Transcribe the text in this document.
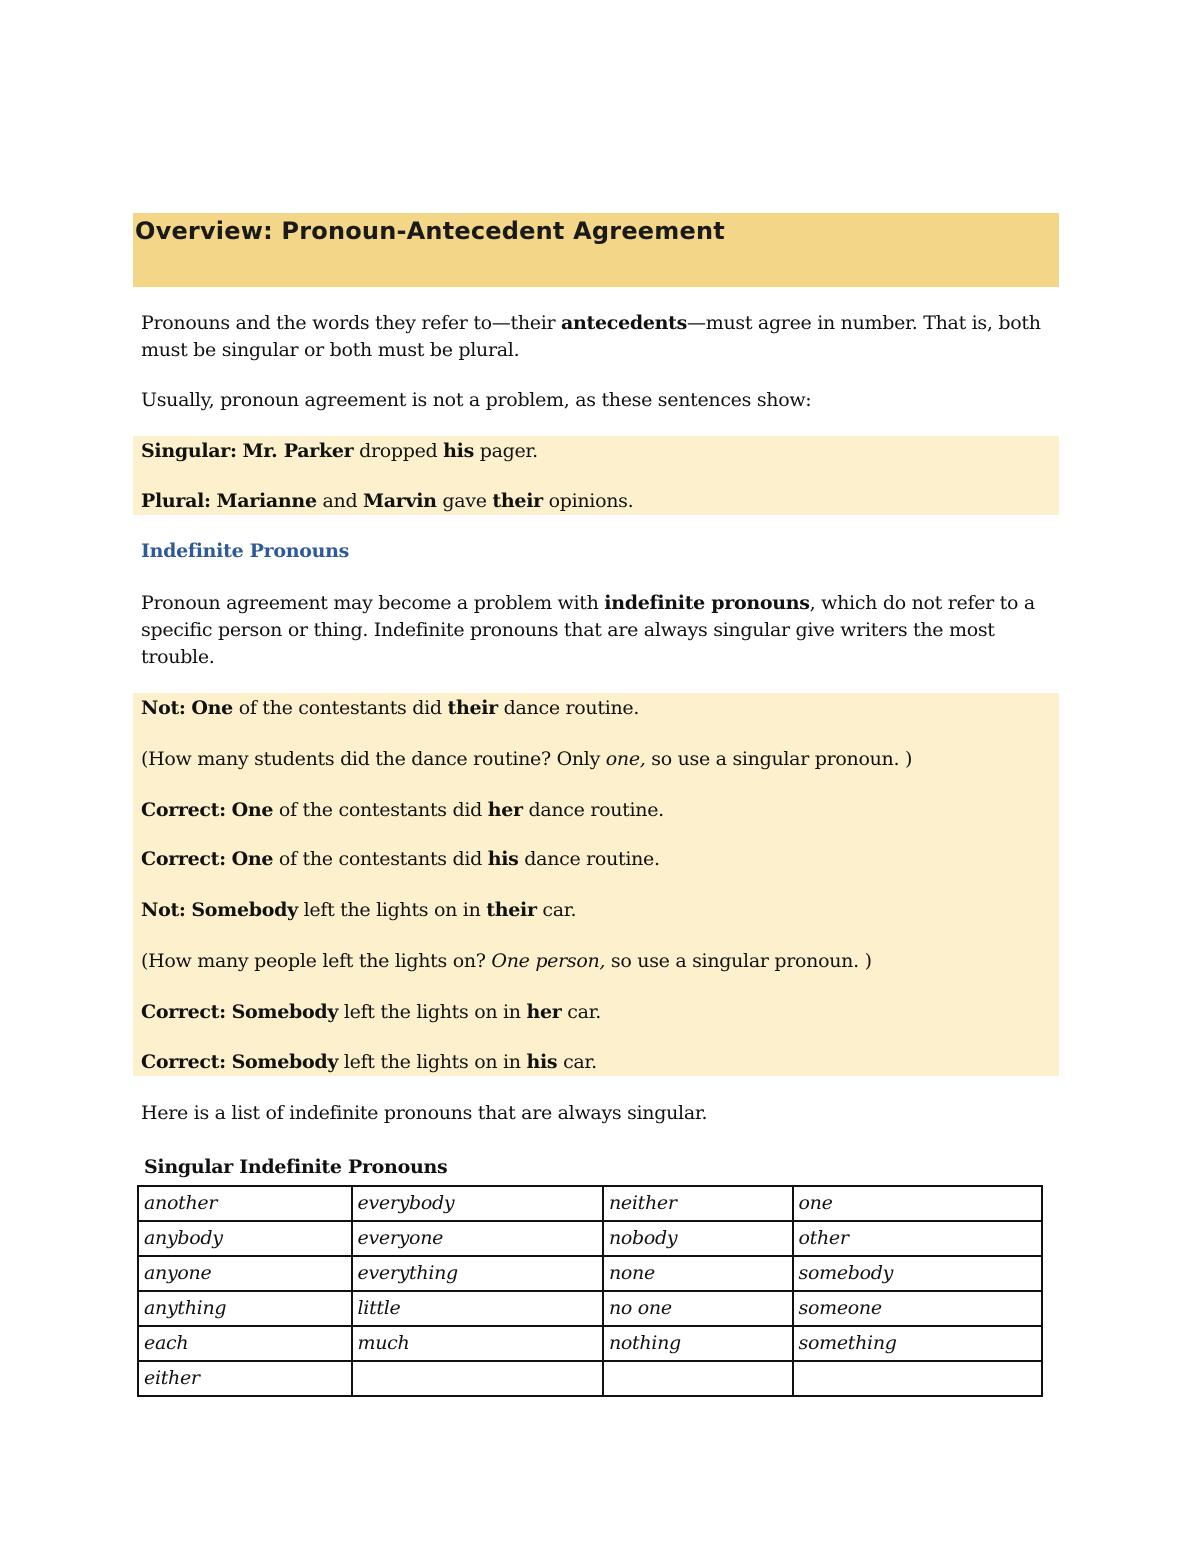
Overview: Pronoun-Antecedent Agreement

Pronouns and the words they refer to—their antecedents—must agree in number. That is, both must be singular or both must be plural.

Usually, pronoun agreement is not a problem, as these sentences show:

Singular: Mr. Parker dropped his pager.

Plural: Marianne and Marvin gave their opinions.

Indefinite Pronouns

Pronoun agreement may become a problem with indefinite pronouns, which do not refer to a specific person or thing. Indefinite pronouns that are always singular give writers the most trouble.

Not: One of the contestants did their dance routine.

(How many students did the dance routine? Only one, so use a singular pronoun. )

Correct: One of the contestants did her dance routine.

Correct: One of the contestants did his dance routine.

Not: Somebody left the lights on in their car.

(How many people left the lights on? One person, so use a singular pronoun. )

Correct: Somebody left the lights on in her car.

Correct: Somebody left the lights on in his car.

Here is a list of indefinite pronouns that are always singular.

Singular Indefinite Pronouns

another	everybody	neither	one
anybody	everyone	nobody	other
anyone	everything	none	somebody
anything	little	no one	someone
each	much	nothing	something
either			
